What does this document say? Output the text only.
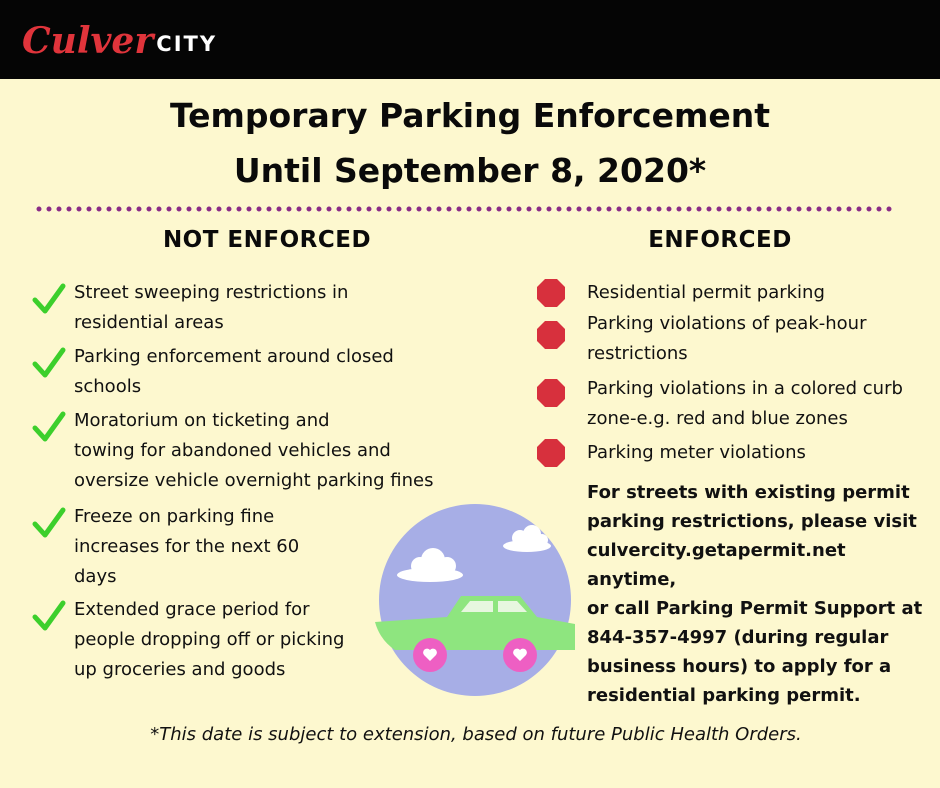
Culver CITY
Temporary Parking Enforcement
Until September 8, 2020*
NOT ENFORCED	ENFORCED
Street sweeping restrictions in
residential areas
Parking enforcement around closed
schools
Moratorium on ticketing and
towing for abandoned vehicles and
oversize vehicle overnight parking fines
Freeze on parking fine
increases for the next 60
days
Extended grace period for
people dropping off or picking
up groceries and goods
Residential permit parking
Parking violations of peak-hour
restrictions
Parking violations in a colored curb
zone-e.g. red and blue zones
Parking meter violations
For streets with existing permit
parking restrictions, please visit
culvercity.getapermit.net anytime,
or call Parking Permit Support at
844-357-4997 (during regular
business hours) to apply for a
residential parking permit.
*This date is subject to extension, based on future Public Health Orders.
